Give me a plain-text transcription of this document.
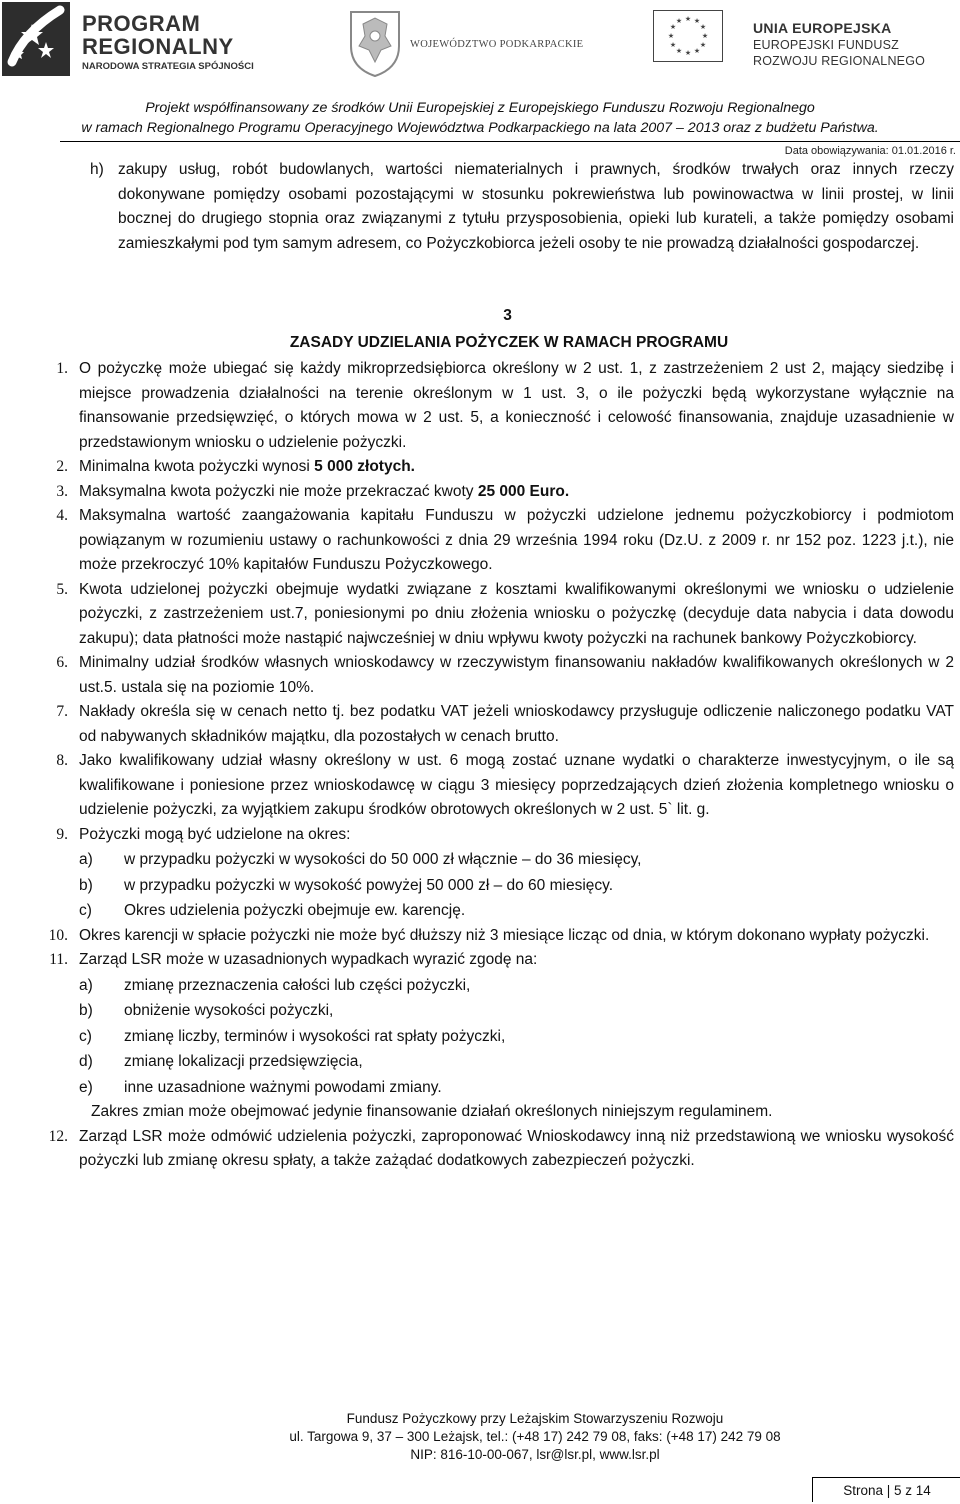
PROGRAM
REGIONALNY
NARODOWA STRATEGIA SPÓJNOŚCI
WOJEWÓDZTWO PODKARPACKIE
★ ★
★
★
★
★
★
★
★
★
★
★	UNIA EUROPEJSKA
EUROPEJSKI FUNDUSZ
ROZWOJU REGIONALNEGO
Projekt współfinansowany ze środków Unii Europejskiej z Europejskiego Funduszu Rozwoju Regionalnego
w ramach Regionalnego Programu Operacyjnego Województwa Podkarpackiego na lata 2007 – 2013 oraz z budżetu Państwa.
Data obowiązywania: 01.01.2016 r.
h) zakupy usług, robót budowlanych, wartości niematerialnych i prawnych, środków trwałych oraz innych rzeczy dokonywane pomiędzy osobami pozostającymi w stosunku pokrewieństwa lub powinowactwa w linii prostej, w linii bocznej do drugiego stopnia oraz związanymi z tytułu przysposobienia, opieki lub kurateli, a także pomiędzy osobami zamieszkałymi pod tym samym adresem, co Pożyczkobiorca jeżeli osoby te nie prowadzą działalności gospodarczej.
3
ZASADY UDZIELANIA POŻYCZEK W RAMACH PROGRAMU
1. O pożyczkę może ubiegać się każdy mikroprzedsiębiorca określony w 2 ust. 1, z zastrzeżeniem 2 ust 2, mający siedzibę i miejsce prowadzenia działalności na terenie określonym w 1 ust. 3, o ile pożyczki będą wykorzystane wyłącznie na finansowanie przedsięwzięć, o których mowa w 2 ust. 5, a konieczność i celowość finansowania, znajduje uzasadnienie w przedstawionym wniosku o udzielenie pożyczki.
2. Minimalna kwota pożyczki wynosi 5 000 złotych.
3. Maksymalna kwota pożyczki nie może przekraczać kwoty 25 000 Euro.
4. Maksymalna wartość zaangażowania kapitału Funduszu w pożyczki udzielone jednemu pożyczkobiorcy i podmiotom powiązanym w rozumieniu ustawy o rachunkowości z dnia 29 września 1994 roku (Dz.U. z 2009 r. nr 152 poz. 1223 j.t.), nie może przekroczyć 10% kapitałów Funduszu Pożyczkowego.
5. Kwota udzielonej pożyczki obejmuje wydatki związane z kosztami kwalifikowanymi określonymi we wniosku o udzielenie pożyczki, z zastrzeżeniem ust.7, poniesionymi po dniu złożenia wniosku o pożyczkę (decyduje data nabycia i data dowodu zakupu); data płatności może nastąpić najwcześniej w dniu wpływu kwoty pożyczki na rachunek bankowy Pożyczkobiorcy.
6. Minimalny udział środków własnych wnioskodawcy w rzeczywistym finansowaniu nakładów kwalifikowanych określonych w 2 ust.5. ustala się na poziomie 10%.
7. Nakłady określa się w cenach netto tj. bez podatku VAT jeżeli wnioskodawcy przysługuje odliczenie naliczonego podatku VAT od nabywanych składników majątku, dla pozostałych w cenach brutto.
8. Jako kwalifikowany udział własny określony w ust. 6 mogą zostać uznane wydatki o charakterze inwestycyjnym, o ile są kwalifikowane i poniesione przez wnioskodawcę w ciągu 3 miesięcy poprzedzających dzień złożenia kompletnego wniosku o udzielenie pożyczki, za wyjątkiem zakupu środków obrotowych określonych w 2 ust. 5` lit. g.
9. Pożyczki mogą być udzielone na okres:
a) w przypadku pożyczki w wysokości do 50 000 zł włącznie – do 36 miesięcy,
b) w przypadku pożyczki w wysokość powyżej 50 000 zł – do 60 miesięcy.
c) Okres udzielenia pożyczki obejmuje ew. karencję.
10. Okres karencji w spłacie pożyczki nie może być dłuższy niż 3 miesiące licząc od dnia, w którym dokonano wypłaty pożyczki.
11. Zarząd LSR może w uzasadnionych wypadkach wyrazić zgodę na:
a) zmianę przeznaczenia całości lub części pożyczki,
b) obniżenie wysokości pożyczki,
c) zmianę liczby, terminów i wysokości rat spłaty pożyczki,
d) zmianę lokalizacji przedsięwzięcia,
e) inne uzasadnione ważnymi powodami zmiany.
Zakres zmian może obejmować jedynie finansowanie działań określonych niniejszym regulaminem.
12. Zarząd LSR może odmówić udzielenia pożyczki, zaproponować Wnioskodawcy inną niż przedstawioną we wniosku wysokość pożyczki lub zmianę okresu spłaty, a także zażądać dodatkowych zabezpieczeń pożyczki.
Fundusz Pożyczkowy przy Leżajskim Stowarzyszeniu Rozwoju
ul. Targowa 9, 37 – 300 Leżajsk, tel.: (+48 17) 242 79 08, faks: (+48 17) 242 79 08
NIP: 816-10-00-067, lsr@lsr.pl, www.lsr.pl
Strona | 5 z 14
